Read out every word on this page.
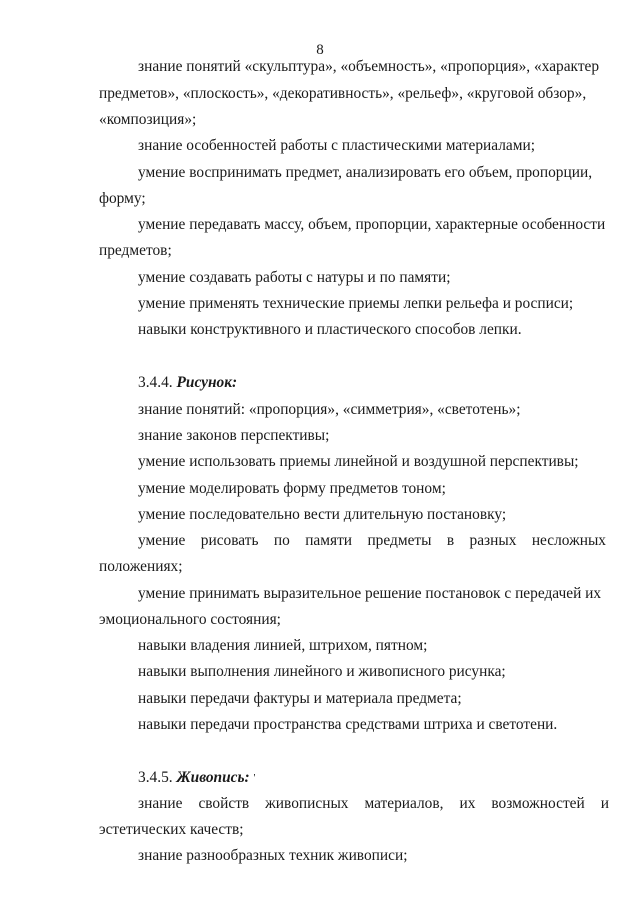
8
знание понятий «скульптура», «объемность», «пропорция», «характер
предметов», «плоскость», «декоративность», «рельеф», «круговой обзор»,
«композиция»;
знание особенностей работы с пластическими материалами;
умение воспринимать предмет, анализировать его объем, пропорции,
форму;
умение передавать массу, объем, пропорции, характерные особенности
предметов;
умение создавать работы с натуры и по памяти;
умение применять технические приемы лепки рельефа и росписи;
навыки конструктивного и пластического способов лепки.
3.4.4. Рисунок:
знание понятий: «пропорция», «симметрия», «светотень»;
знание законов перспективы;
умение использовать приемы линейной и воздушной перспективы;
умение моделировать форму предметов тоном;
умение последовательно вести длительную постановку;
умение рисовать по памяти предметы в разных несложных
положениях;
умение принимать выразительное решение постановок с передачей их
эмоционального состояния;
навыки владения линией, штрихом, пятном;
навыки выполнения линейного и живописного рисунка;
навыки передачи фактуры и материала предмета;
навыки передачи пространства средствами штриха и светотени.
3.4.5. Живопись: '
знание свойств живописных материалов, их возможностей и
эстетических качеств;
знание разнообразных техник живописи;
